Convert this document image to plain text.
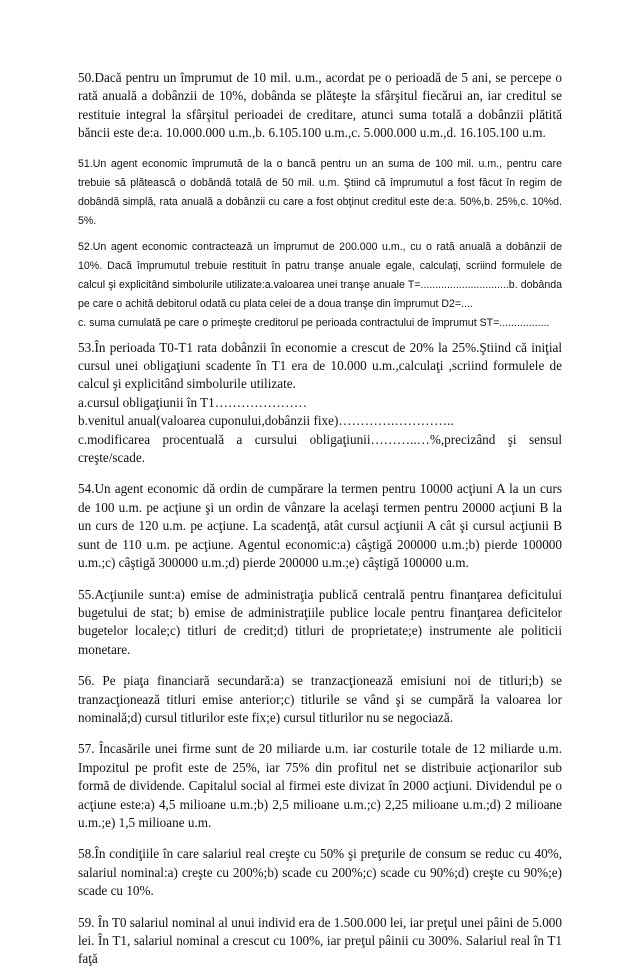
50.Dacă pentru un împrumut de 10 mil. u.m., acordat pe o perioadă de 5 ani, se percepe o rată anuală a dobânzii de 10%, dobânda se plăteşte la sfârşitul fiecărui an, iar creditul se restituie integral la sfârşitul perioadei de creditare, atunci suma totală a dobânzii plătită băncii este de:a. 10.000.000 u.m.,b. 6.105.100 u.m.,c. 5.000.000 u.m.,d. 16.105.100 u.m.

51.Un agent economic împrumută de la o bancă pentru un an suma de 100 mil. u.m., pentru care trebuie să plătească o dobândă totală de 50 mil. u.m. Ştiind că împrumutul a fost făcut în regim de dobândă simplă, rata anuală a dobânzii cu care a fost obţinut creditul este de:a. 50%,b. 25%,c. 10%d. 5%.

52.Un agent economic contractează un împrumut de 200.000 u.m., cu o rată anuală a dobânzii de 10%. Dacă împrumutul trebuie restituit în patru tranşe anuale egale, calculaţi, scriind formulele de calcul şi explicitând simbolurile utilizate:a.valoarea unei tranşe anuale T=..............................b. dobânda pe care o achită debitorul odată cu plata celei de a doua tranşe din împrumut D2=....

c. suma cumulată pe care o primeşte creditorul pe perioada contractului de împrumut ST=.................

53.În perioada T0-T1 rata dobânzii în economie a crescut de 20% la 25%.Ştiind că iniţial cursul unei obligaţiuni scadente în T1 era de 10.000 u.m.,calculaţi ,scriind formulele de calcul şi explicitând simbolurile utilizate.

a.cursul obligaţiunii în T1…………………
b.venitul anual(valoarea cuponului,dobânzii fixe)………….…………..

c.modificarea procentuală a cursului obligaţiunii………..…%,precizând şi sensul creşte/scade.

54.Un agent economic dă ordin de cumpărare la termen pentru 10000 acţiuni A la un curs de 100 u.m. pe acţiune şi un ordin de vânzare la acelaşi termen pentru 20000 acţiuni B la un curs de 120 u.m. pe acţiune. La scadenţă, atât cursul acţiunii A cât şi cursul acţiunii B sunt de 110 u.m. pe acţiune. Agentul economic:a) câştigă 200000 u.m.;b) pierde 100000 u.m.;c) câştigă 300000 u.m.;d) pierde 200000 u.m.;e) câştigă 100000 u.m.

55.Acţiunile sunt:a) emise de administraţia publică centrală pentru finanţarea deficitului bugetului de stat; b) emise de administraţiile publice locale pentru finanţarea deficitelor bugetelor locale;c) titluri de credit;d) titluri de proprietate;e) instrumente ale politicii monetare.

56. Pe piaţa financiară secundară:a) se tranzacţionează emisiuni noi de titluri;b) se tranzacţionează titluri emise anterior;c) titlurile se vând şi se cumpără la valoarea lor nominală;d) cursul titlurilor este fix;e) cursul titlurilor nu se negociază.

57. Încasările unei firme sunt de 20 miliarde u.m. iar costurile totale de 12 miliarde u.m. Impozitul pe profit este de 25%, iar 75% din profitul net se distribuie acţionarilor sub formă de dividende. Capitalul social al firmei este divizat în 2000 acţiuni. Dividendul pe o acţiune este:a) 4,5 milioane u.m.;b) 2,5 milioane u.m.;c) 2,25 milioane u.m.;d) 2 milioane u.m.;e) 1,5 milioane u.m.

58.În condiţiile în care salariul real creşte cu 50% şi preţurile de consum se reduc cu 40%, salariul nominal:a) creşte cu 200%;b) scade cu 200%;c) scade cu 90%;d) creşte cu 90%;e) scade cu 10%.

59. În T0 salariul nominal al unui individ era de 1.500.000 lei, iar preţul unei pâini de 5.000 lei. În T1, salariul nominal a crescut cu 100%, iar preţul pâinii cu 300%. Salariul real în T1 faţă
